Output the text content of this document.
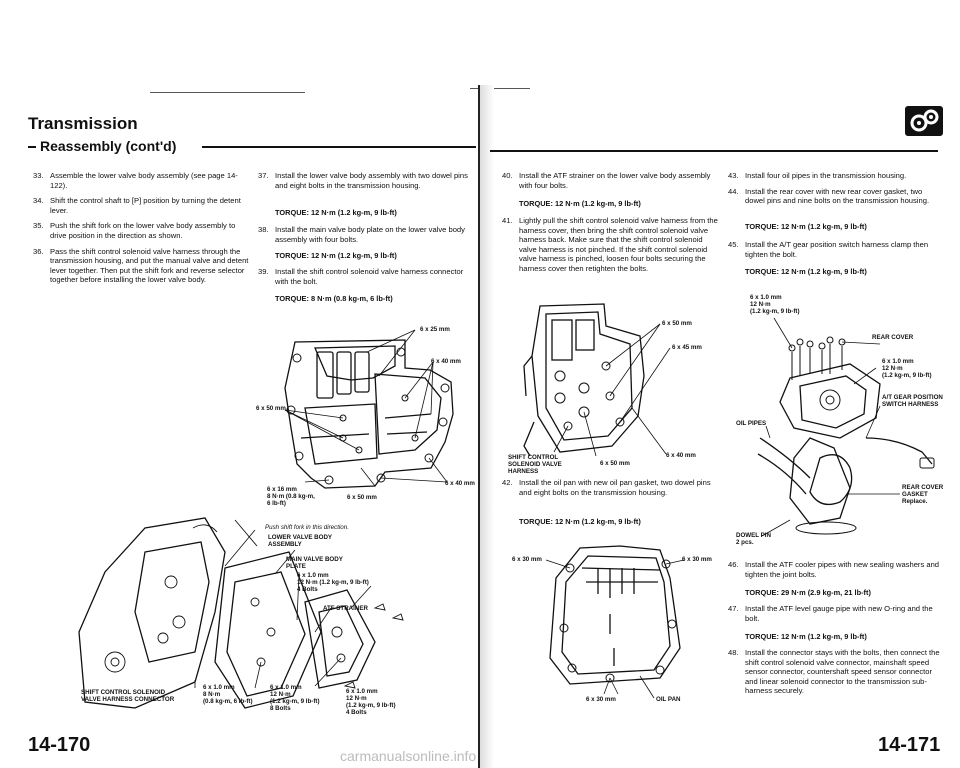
Transmission
Reassembly (cont'd)
33. Assemble the lower valve body assembly (see page 14-122).
34. Shift the control shaft to [P] position by turning the detent lever.
35. Push the shift fork on the lower valve body assembly to drive position in the direction as shown.
36. Pass the shift control solenoid valve harness through the transmission housing, and put the manual valve and detent lever together. Then put the shift fork and reverse selector together before installing the lower valve body.
37. Install the lower valve body assembly with two dowel pins and eight bolts in the transmission housing.

TORQUE: 12 N·m (1.2 kg-m, 9 lb-ft)

38. Install the main valve body plate on the lower valve body assembly with four bolts.

TORQUE: 12 N·m (1.2 kg-m, 9 lb-ft)

39. Install the shift control solenoid valve harness connector with the bolt.

TORQUE: 8 N·m (0.8 kg-m, 6 lb-ft)

6 x 25 mm
6 x 40 mm
6 x 50 mm
6 x 40 mm
6 x 16 mm
8 N·m (0.8 kg-m,
6 lb-ft)
6 x 50 mm
Push shift fork in this direction.
LOWER VALVE BODY
ASSEMBLY
MAIN VALVE BODY
PLATE
6 x 1.0 mm
12 N·m (1.2 kg-m, 9 lb-ft)
4 Bolts
ATF STRAINER
SHIFT CONTROL SOLENOID
VALVE HARNESS CONNECTOR
6 x 1.0 mm
8 N·m
(0.8 kg-m, 6 lb-ft)
6 x 1.0 mm
12 N·m
(1.2 kg-m, 9 lb-ft)
8 Bolts
6 x 1.0 mm
12 N·m
(1.2 kg-m, 9 lb-ft)
4 Bolts

14-170

40. Install the ATF strainer on the lower valve body assembly with four bolts.

TORQUE: 12 N·m (1.2 kg-m, 9 lb-ft)

41. Lightly pull the shift control solenoid valve harness from the harness cover, then bring the shift control solenoid valve harness back. Make sure that the shift control solenoid valve harness is not pinched. If the shift control solenoid valve harness is pinched, loosen four bolts securing the harness cover then retighten the bolts.
6 x 50 mm
6 x 45 mm
SHIFT CONTROL
SOLENOID VALVE
HARNESS
6 x 50 mm
6 x 40 mm
42. Install the oil pan with new oil pan gasket, two dowel pins and eight bolts on the transmission housing.

TORQUE: 12 N·m (1.2 kg-m, 9 lb-ft)

6 x 30 mm	6 x 30 mm
6 x 30 mm	OIL PAN
43. Install four oil pipes in the transmission housing.
44. Install the rear cover with new rear cover gasket, two dowel pins and nine bolts on the transmission housing.

TORQUE: 12 N·m (1.2 kg-m, 9 lb-ft)

45. Install the A/T gear position switch harness clamp then tighten the bolt.

TORQUE: 12 N·m (1.2 kg-m, 9 lb-ft)

6 x 1.0 mm
12 N·m
(1.2 kg-m, 9 lb-ft)
REAR COVER
6 x 1.0 mm
12 N·m
(1.2 kg-m, 9 lb-ft)
A/T GEAR POSITION
SWITCH HARNESS
OIL PIPES
REAR COVER
GASKET
Replace.
DOWEL PIN
2 pcs.
46. Install the ATF cooler pipes with new sealing washers and tighten the joint bolts.

TORQUE: 29 N·m (2.9 kg-m, 21 lb-ft)

47. Install the ATF level gauge pipe with new O-ring and the bolt.

TORQUE: 12 N·m (1.2 kg-m, 9 lb-ft)

48. Install the connector stays with the bolts, then connect the shift control solenoid valve connector, mainshaft speed sensor connector, countershaft speed sensor connector and linear solenoid connector to the transmission sub-harness securely.

14-171

carmanualsonline.info
